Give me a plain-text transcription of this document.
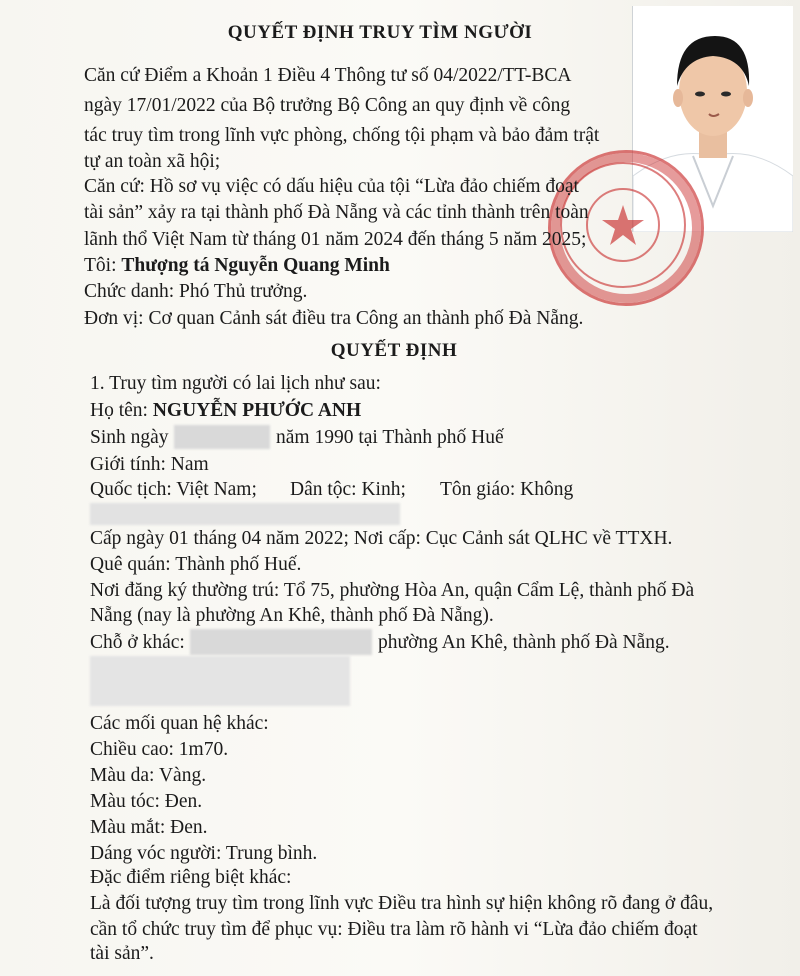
QUYẾT ĐỊNH TRUY TÌM NGƯỜI
Căn cứ Điểm a Khoản 1 Điều 4 Thông tư số 04/2022/TT-BCA
ngày 17/01/2022 của Bộ trưởng Bộ Công an quy định về công
tác truy tìm trong lĩnh vực phòng, chống tội phạm và bảo đảm trật
tự an toàn xã hội;
Căn cứ: Hồ sơ vụ việc có dấu hiệu của tội “Lừa đảo chiếm đoạt
tài sản” xảy ra tại thành phố Đà Nẵng và các tỉnh thành trên toàn
lãnh thổ Việt Nam từ tháng 01 năm 2024 đến tháng 5 năm 2025;
Tôi: Thượng tá Nguyễn Quang Minh
Chức danh: Phó Thủ trưởng.
Đơn vị: Cơ quan Cảnh sát điều tra Công an thành phố Đà Nẵng.
QUYẾT ĐỊNH
1. Truy tìm người có lai lịch như sau:
Họ tên: NGUYỄN PHƯỚC ANH
Sinh ngày	năm 1990 tại Thành phố Huế
Giới tính: Nam
Quốc tịch: Việt Nam; Dân tộc: Kinh; Tôn giáo: Không
Cấp ngày 01 tháng 04 năm 2022; Nơi cấp: Cục Cảnh sát QLHC về TTXH.
Quê quán: Thành phố Huế.
Nơi đăng ký thường trú: Tổ 75, phường Hòa An, quận Cẩm Lệ, thành phố Đà
Nẵng (nay là phường An Khê, thành phố Đà Nẵng).
Chỗ ở khác:	phường An Khê, thành phố Đà Nẵng.
Các mối quan hệ khác:
Chiều cao: 1m70.
Màu da: Vàng.
Màu tóc: Đen.
Màu mắt: Đen.
Dáng vóc người: Trung bình.
Đặc điểm riêng biệt khác:
Là đối tượng truy tìm trong lĩnh vực Điều tra hình sự hiện không rõ đang ở đâu,
cần tổ chức truy tìm để phục vụ: Điều tra làm rõ hành vi “Lừa đảo chiếm đoạt
tài sản”.
